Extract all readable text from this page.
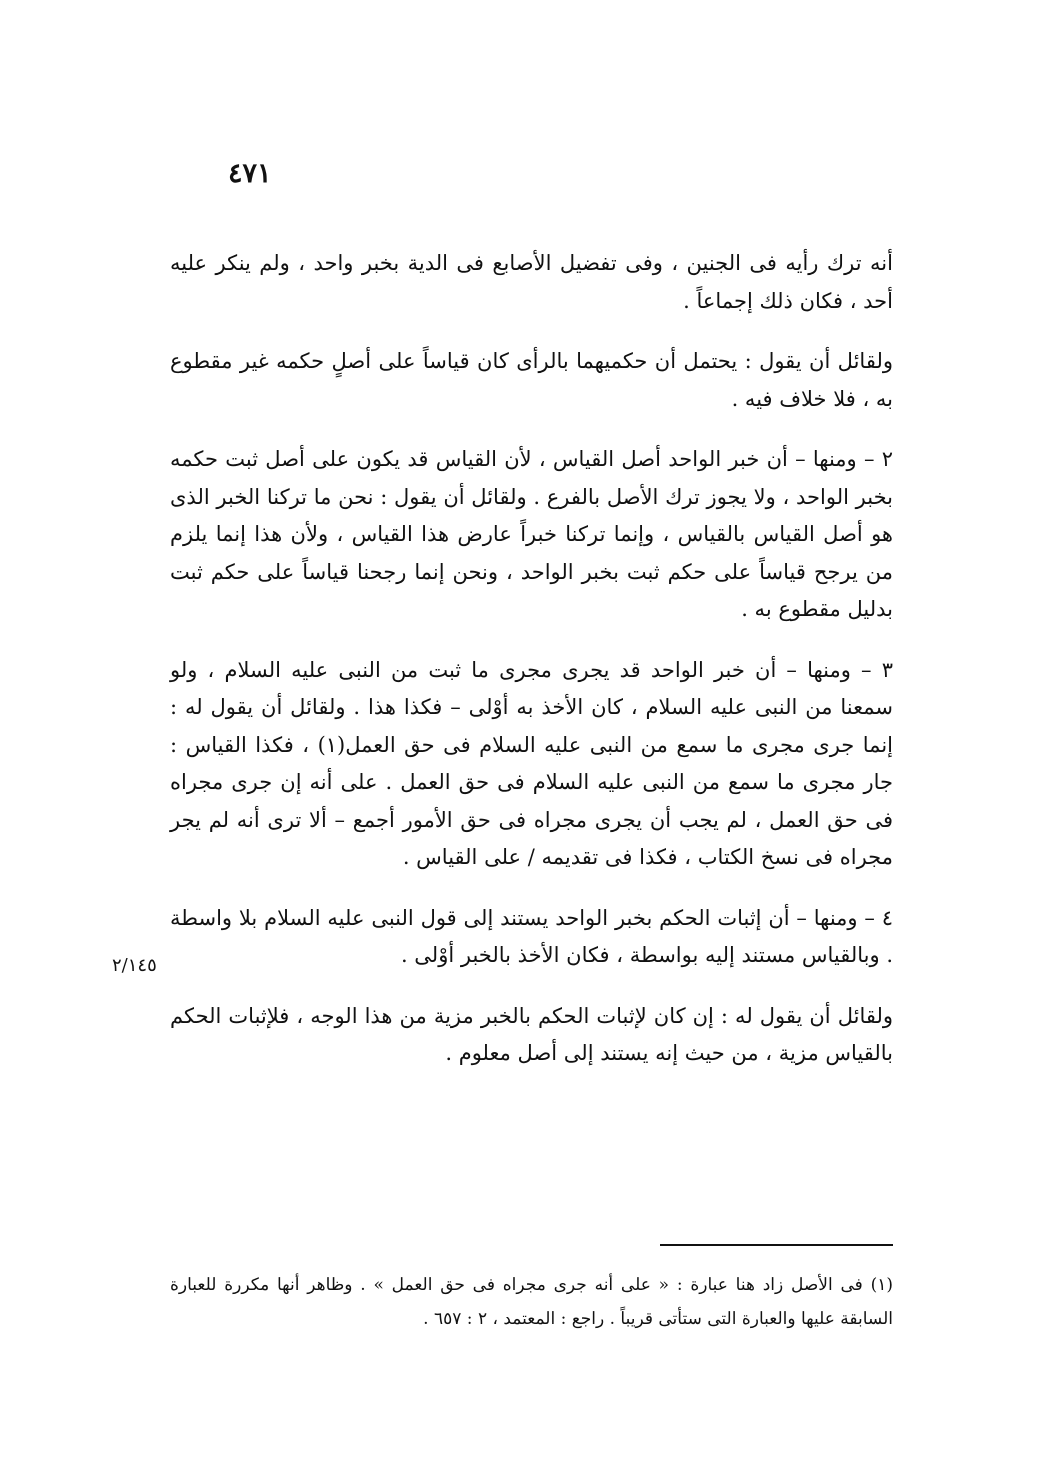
٤٧١

أنه ترك رأيه فى الجنين ، وفى تفضيل الأصابع فى الدية بخبر واحد ، ولم ينكر عليه أحد ، فكان ذلك إجماعاً .

ولقائل أن يقول : يحتمل أن حكميهما بالرأى كان قياساً على أصلٍ حكمه غير مقطوع به ، فلا خلاف فيه .

٢ – ومنها – أن خبر الواحد أصل القياس ، لأن القياس قد يكون على أصل ثبت حكمه بخبر الواحد ، ولا يجوز ترك الأصل بالفرع . ولقائل أن يقول : نحن ما تركنا الخبر الذى هو أصل القياس بالقياس ، وإنما تركنا خبراً عارض هذا القياس ، ولأن هذا إنما يلزم من يرجح قياساً على حكم ثبت بخبر الواحد ، ونحن إنما رجحنا قياساً على حكم ثبت بدليل مقطوع به .

٣ – ومنها – أن خبر الواحد قد يجرى مجرى ما ثبت من النبى عليه السلام ، ولو سمعنا من النبى عليه السلام ، كان الأخذ به أوْلى – فكذا هذا . ولقائل أن يقول له : إنما جرى مجرى ما سمع من النبى عليه السلام فى حق العمل(١) ، فكذا القياس : جار مجرى ما سمع من النبى عليه السلام فى حق العمل . على أنه إن جرى مجراه فى حق العمل ، لم يجب أن يجرى مجراه فى حق الأمور أجمع – ألا ترى أنه لم يجر مجراه فى نسخ الكتاب ، فكذا فى تقديمه / على القياس .

٤ – ومنها – أن إثبات الحكم بخبر الواحد يستند إلى قول النبى عليه السلام بلا واسطة . وبالقياس مستند إليه بواسطة ، فكان الأخذ بالخبر أوْلى .

ولقائل أن يقول له : إن كان لإثبات الحكم بالخبر مزية من هذا الوجه ، فلإثبات الحكم بالقياس مزية ، من حيث إنه يستند إلى أصل معلوم .

٢/١٤٥

(١) فى الأصل زاد هنا عبارة : « على أنه جرى مجراه فى حق العمل » . وظاهر أنها مكررة للعبارة السابقة عليها والعبارة التى ستأتى قريباً . راجع : المعتمد ، ٢ : ٦٥٧ .
